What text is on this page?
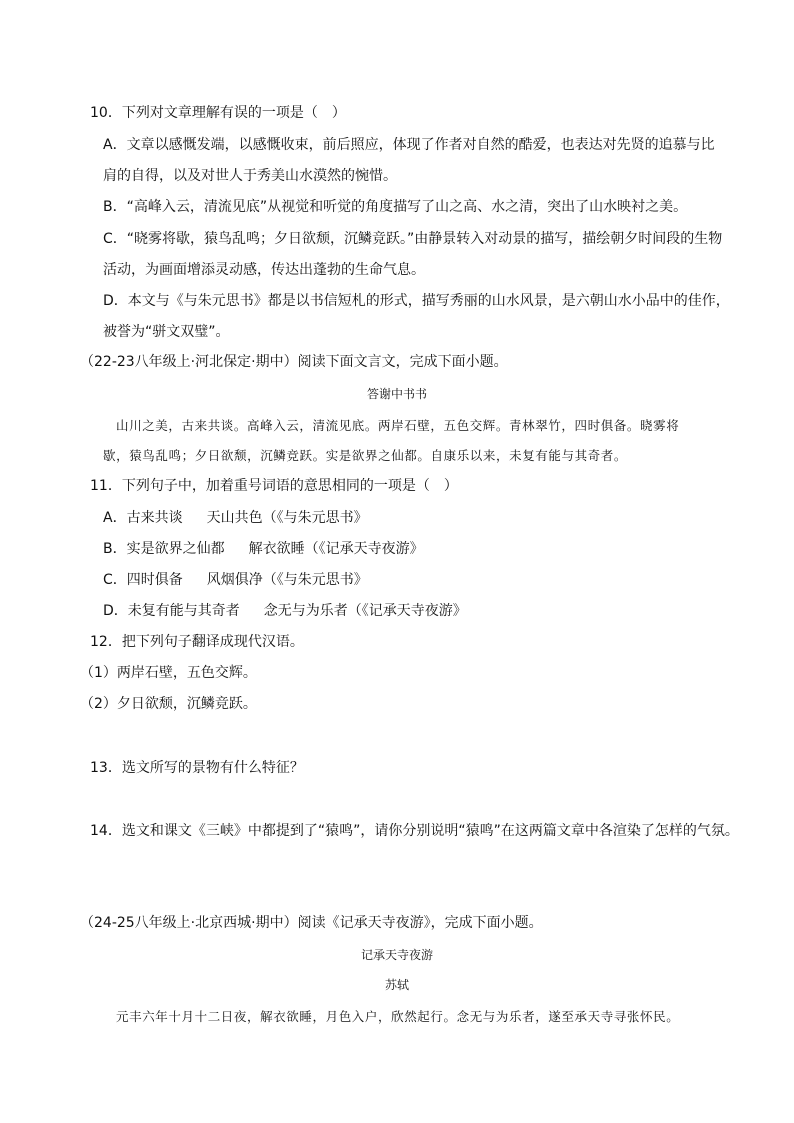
10．下列对文章理解有误的一项是（　）
A．文章以感慨发端，以感慨收束，前后照应，体现了作者对自然的酷爱，也表达对先贤的追慕与比
肩的自得，以及对世人于秀美山水漠然的惋惜。
B．“高峰入云，清流见底”从视觉和听觉的角度描写了山之高、水之清，突出了山水映衬之美。
C．“晓雾将歇，猿鸟乱鸣；夕日欲颓，沉鳞竞跃。”由静景转入对动景的描写，描绘朝夕时间段的生物
活动，为画面增添灵动感，传达出蓬勃的生命气息。
D．本文与《与朱元思书》都是以书信短札的形式，描写秀丽的山水风景，是六朝山水小品中的佳作，
被誉为“骈文双璧”。
（22-23八年级上·河北保定·期中）阅读下面文言文，完成下面小题。
答谢中书书
山川之美，古来共谈。高峰入云，清流见底。两岸石壁，五色交辉。青林翠竹，四时俱备。晓雾将
歇，猿鸟乱鸣；夕日欲颓，沉鳞竞跃。实是欲界之仙都。自康乐以来，未复有能与其奇者。
11．下列句子中，加着重号词语的意思相同的一项是（　）
A．古来共谈 天山共色（《与朱元思书》
B．实是欲界之仙都 解衣欲睡（《记承天寺夜游》
C．四时俱备 风烟俱净（《与朱元思书》
D．未复有能与其奇者 念无与为乐者（《记承天寺夜游》
12．把下列句子翻译成现代汉语。
（1）两岸石壁，五色交辉。
（2）夕日欲颓，沉鳞竞跃。
13．选文所写的景物有什么特征？
14．选文和课文《三峡》中都提到了“猿鸣”，请你分别说明“猿鸣”在这两篇文章中各渲染了怎样的气氛。
（24-25八年级上·北京西城·期中）阅读《记承天寺夜游》，完成下面小题。
记承天寺夜游
苏轼
元丰六年十月十二日夜，解衣欲睡，月色入户，欣然起行。念无与为乐者，遂至承天寺寻张怀民。
